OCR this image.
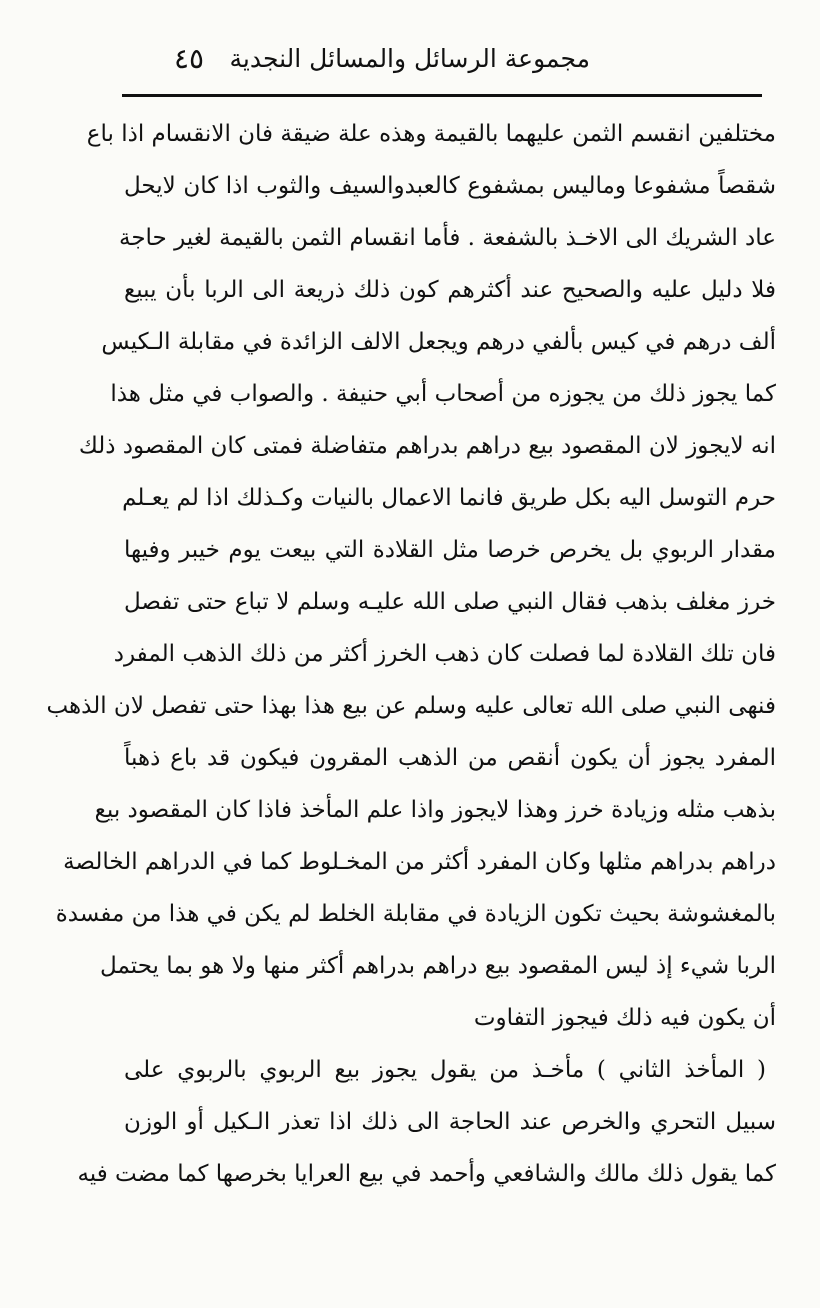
مجموعة الرسائل والمسائل النجدية
٤٥
مختلفين انقسم الثمن عليهما بالقيمة وهذه علة ضيقة فان الانقسام اذا باع
شقصاً مشفوعا وماليس بمشفوع كالعبدوالسيف والثوب اذا كان لايحل
عاد الشريك الى الاخـذ بالشفعة . فأما انقسام الثمن بالقيمة لغير حاجة
فلا دليل عليه والصحيح عند أكثرهم كون ذلك ذريعة الى الربا بأن يبيع
ألف درهم في كيس بألفي درهم ويجعل الالف الزائدة في مقابلة الـكيس
كما يجوز ذلك من يجوزه من أصحاب أبي حنيفة . والصواب في مثل هذا
انه لايجوز لان المقصود بيع دراهم بدراهم متفاضلة فمتى كان المقصود ذلك
حرم التوسل اليه بكل طريق فانما الاعمال بالنيات وكـذلك اذا لم يعـلم
مقدار الربوي بل يخرص خرصا مثل القلادة التي بيعت يوم خيبر وفيها
خرز مغلف بذهب فقال النبي صلى الله عليـه وسلم لا تباع حتى تفصل
فان تلك القلادة لما فصلت كان ذهب الخرز أكثر من ذلك الذهب المفرد
فنهى النبي صلى الله تعالى عليه وسلم عن بيع هذا بهذا حتى تفصل لان الذهب
المفرد يجوز أن يكون أنقص من الذهب المقرون فيكون قد باع ذهباً
بذهب مثله وزيادة خرز وهذا لايجوز واذا علم المأخذ فاذا كان المقصود بيع
دراهم بدراهم مثلها وكان المفرد أكثر من المخـلوط كما في الدراهم الخالصة
بالمغشوشة بحيث تكون الزيادة في مقابلة الخلط لم يكن في هذا من مفسدة
الربا شيء إذ ليس المقصود بيع دراهم بدراهم أكثر منها ولا هو بما يحتمل
أن يكون فيه ذلك فيجوز التفاوت
( المأخذ الثاني ) مأخـذ من يقول يجوز بيع الربوي بالربوي على
سبيل التحري والخرص عند الحاجة الى ذلك اذا تعذر الـكيل أو الوزن
كما يقول ذلك مالك والشافعي وأحمد في بيع العرايا بخرصها كما مضت فيه
